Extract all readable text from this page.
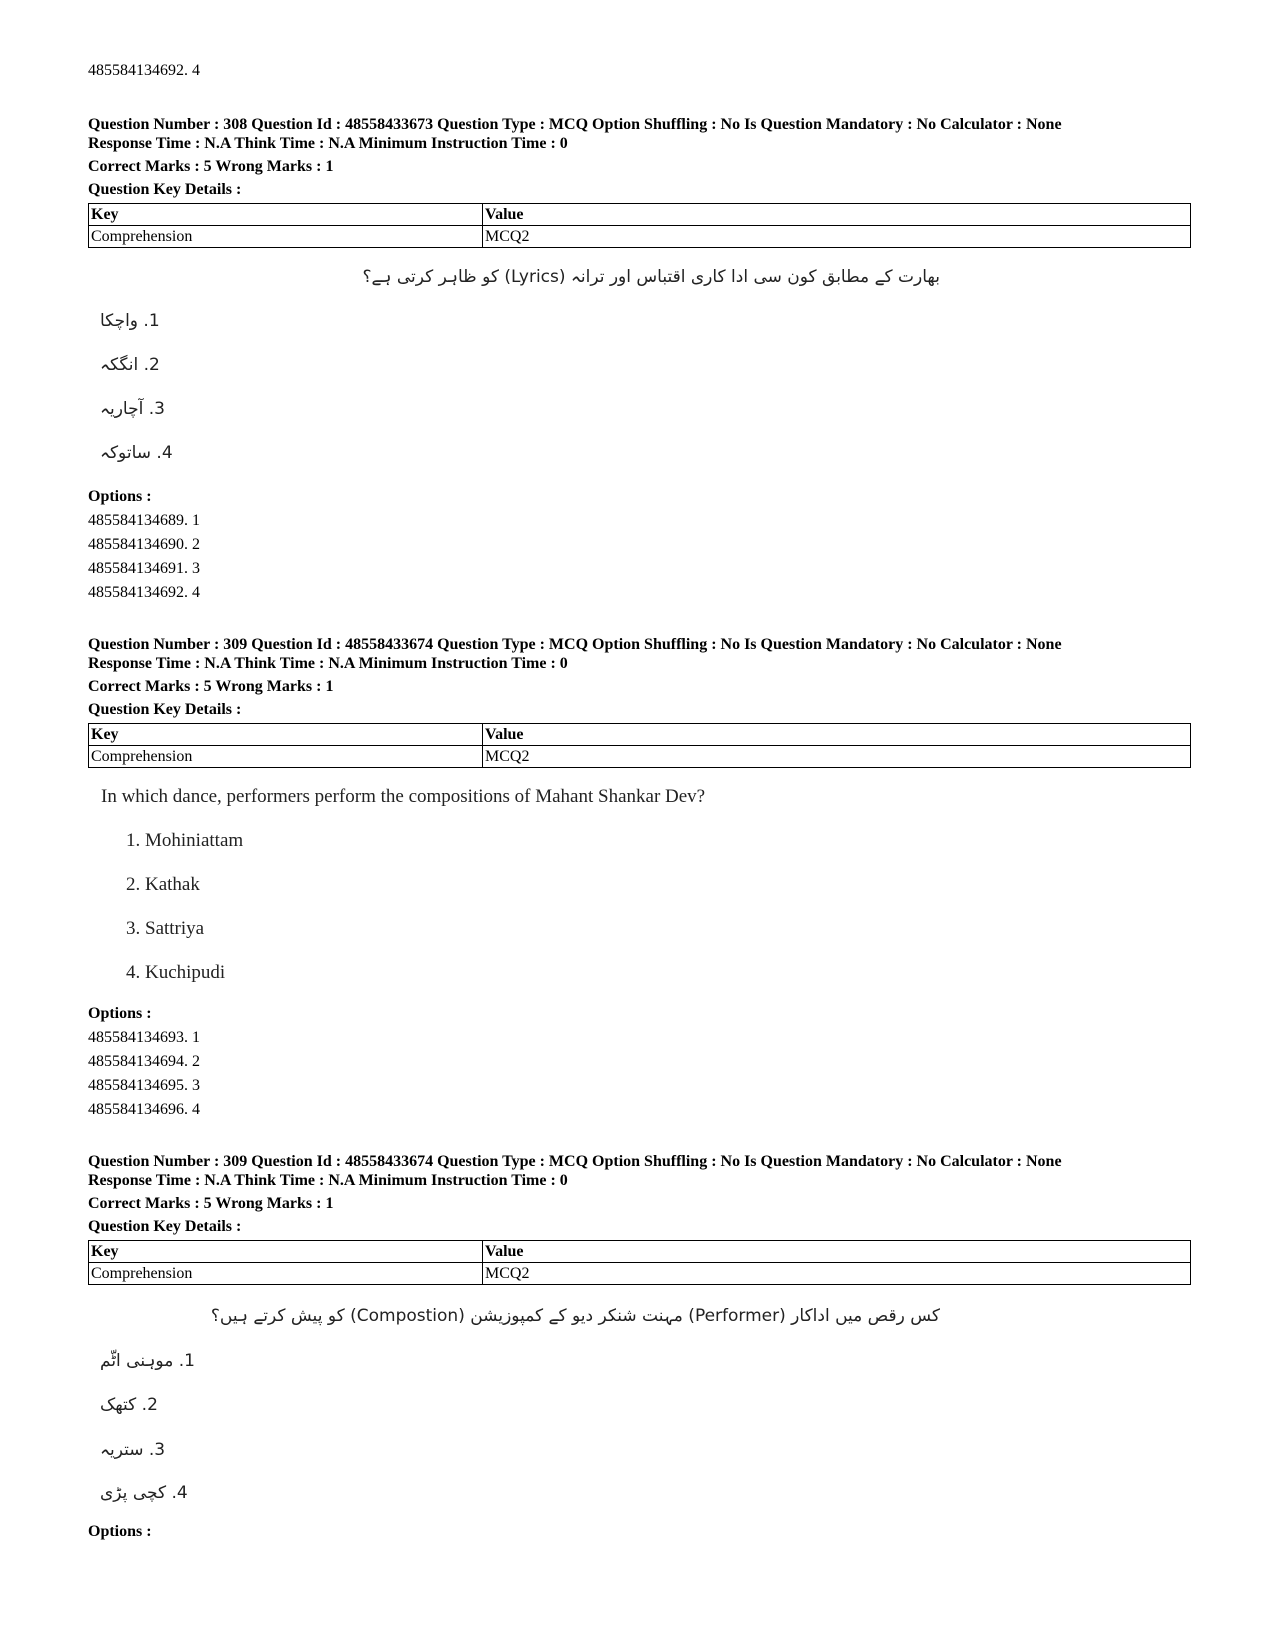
485584134692. 4
Question Number : 308 Question Id : 48558433673 Question Type : MCQ Option Shuffling : No Is Question Mandatory : No Calculator : None
Response Time : N.A Think Time : N.A Minimum Instruction Time : 0
Correct Marks : 5 Wrong Marks : 1
Question Key Details :
Key	Value
Comprehension	MCQ2
بھارت کے مطابق کون سی ادا کاری اقتباس اور ترانہ (Lyrics) کو ظاہر کرتی ہے؟
1. واچکا
2. انگکہ
3. آچاریہ
4. ساتوکہ
Options :
485584134689. 1
485584134690. 2
485584134691. 3
485584134692. 4
Question Number : 309 Question Id : 48558433674 Question Type : MCQ Option Shuffling : No Is Question Mandatory : No Calculator : None
Response Time : N.A Think Time : N.A Minimum Instruction Time : 0
Correct Marks : 5 Wrong Marks : 1
Question Key Details :
Key	Value
Comprehension	MCQ2
In which dance, performers perform the compositions of Mahant Shankar Dev?
1. Mohiniattam
2. Kathak
3. Sattriya
4. Kuchipudi
Options :
485584134693. 1
485584134694. 2
485584134695. 3
485584134696. 4
Question Number : 309 Question Id : 48558433674 Question Type : MCQ Option Shuffling : No Is Question Mandatory : No Calculator : None
Response Time : N.A Think Time : N.A Minimum Instruction Time : 0
Correct Marks : 5 Wrong Marks : 1
Question Key Details :
Key	Value
Comprehension	MCQ2
کس رقص میں اداکار (Performer) مہنت شنکر دیو کے کمپوزیشن (Compostion) کو پیش کرتے ہیں؟
1. موہنی اٹّم
2. کتھک
3. ستریہ
4. کچی پڑی
Options :
